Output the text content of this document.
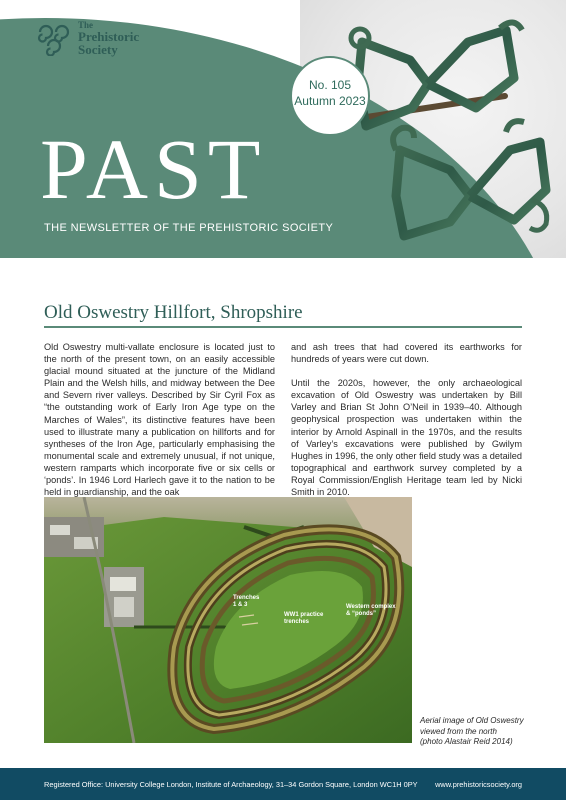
The
Prehistoric
Society
No. 105
Autumn 2023
PAST
THE NEWSLETTER OF THE PREHISTORIC SOCIETY
Old Oswestry Hillfort, Shropshire

Old Oswestry multi-vallate enclosure is located just to the north of the present town, on an easily accessible glacial mound situated at the juncture of the Midland Plain and the Welsh hills, and midway between the Dee and Severn river valleys. Described by Sir Cyril Fox as “the outstanding work of Early Iron Age type on the Marches of Wales”, its distinctive features have been used to illustrate many a publication on hillforts and for syntheses of the Iron Age, particularly emphasising the monumental scale and extremely unusual, if not unique, western ramparts which incorporate five or six cells or ‘ponds’. In 1946 Lord Harlech gave it to the nation to be held in guardianship, and the oak

and ash trees that had covered its earthworks for hundreds of years were cut down.

Until the 2020s, however, the only archaeological excavation of Old Oswestry was undertaken by Bill Varley and Brian St John O’Neil in 1939–40. Although geophysical prospection was undertaken within the interior by Arnold Aspinall in the 1970s, and the results of Varley’s excavations were published by Gwilym Hughes in 1996, the only other field study was a detailed topographical and earthwork survey completed by a Royal Commission/English Heritage team led by Nicki Smith in 2010.

Trenches
1 & 3
WW1 practice
trenches
Western complex
& “ponds”
Aerial image of Old Oswestry
viewed from the north
(photo Alastair Reid 2014)
Registered Office: University College London, Institute of Archaeology, 31–34 Gordon Square, London WC1H 0PY www.prehistoricsociety.org
